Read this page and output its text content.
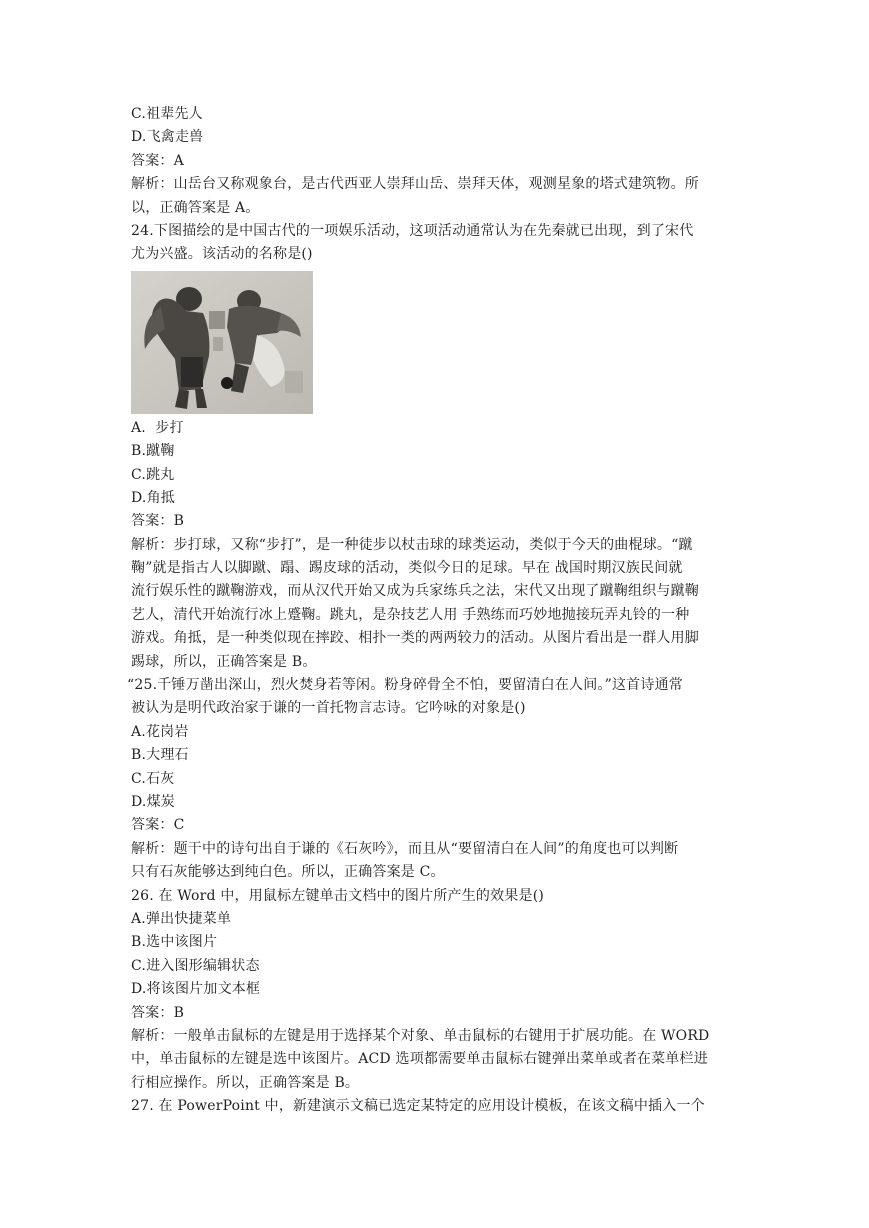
C.祖辈先人
D.飞禽走兽
答案：A
解析：山岳台又称观象台，是古代西亚人崇拜山岳、崇拜天体，观测星象的塔式建筑物。所
以，正确答案是 A。
24.下图描绘的是中国古代的一项娱乐活动，这项活动通常认为在先秦就已出现，到了宋代
尤为兴盛。该活动的名称是()
A.  步打
B.蹴鞠
C.跳丸
D.角抵
答案：B
解析：步打球，又称“步打”，是一种徒步以杖击球的球类运动，类似于今天的曲棍球。“蹴
鞠”就是指古人以脚蹴、蹋、踢皮球的活动，类似今日的足球。早在 战国时期汉族民间就
流行娱乐性的蹴鞠游戏，而从汉代开始又成为兵家练兵之法，宋代又出现了蹴鞠组织与蹴鞠
艺人，清代开始流行冰上蹙鞠。跳丸，是杂技艺人用 手熟练而巧妙地抛接玩弄丸铃的一种
游戏。角抵，是一种类似现在摔跤、相扑一类的两两较力的活动。从图片看出是一群人用脚
踢球，所以，正确答案是 B。
“25.千锤万凿出深山，烈火焚身若等闲。粉身碎骨全不怕，要留清白在人间。”这首诗通常
被认为是明代政治家于谦的一首托物言志诗。它吟咏的对象是()
A.花岗岩
B.大理石
C.石灰
D.煤炭
答案：C
解析：题干中的诗句出自于谦的《石灰吟》，而且从“要留清白在人间”的角度也可以判断
只有石灰能够达到纯白色。所以，正确答案是 C。
26. 在 Word 中，用鼠标左键单击文档中的图片所产生的效果是()
A.弹出快捷菜单
B.选中该图片
C.进入图形编辑状态
D.将该图片加文本框
答案：B
解析：一般单击鼠标的左键是用于选择某个对象、单击鼠标的右键用于扩展功能。在 WORD
中，单击鼠标的左键是选中该图片。ACD 选项都需要单击鼠标右键弹出菜单或者在菜单栏进
行相应操作。所以，正确答案是 B。
27. 在 PowerPoint 中，新建演示文稿已选定某特定的应用设计模板，在该文稿中插入一个
